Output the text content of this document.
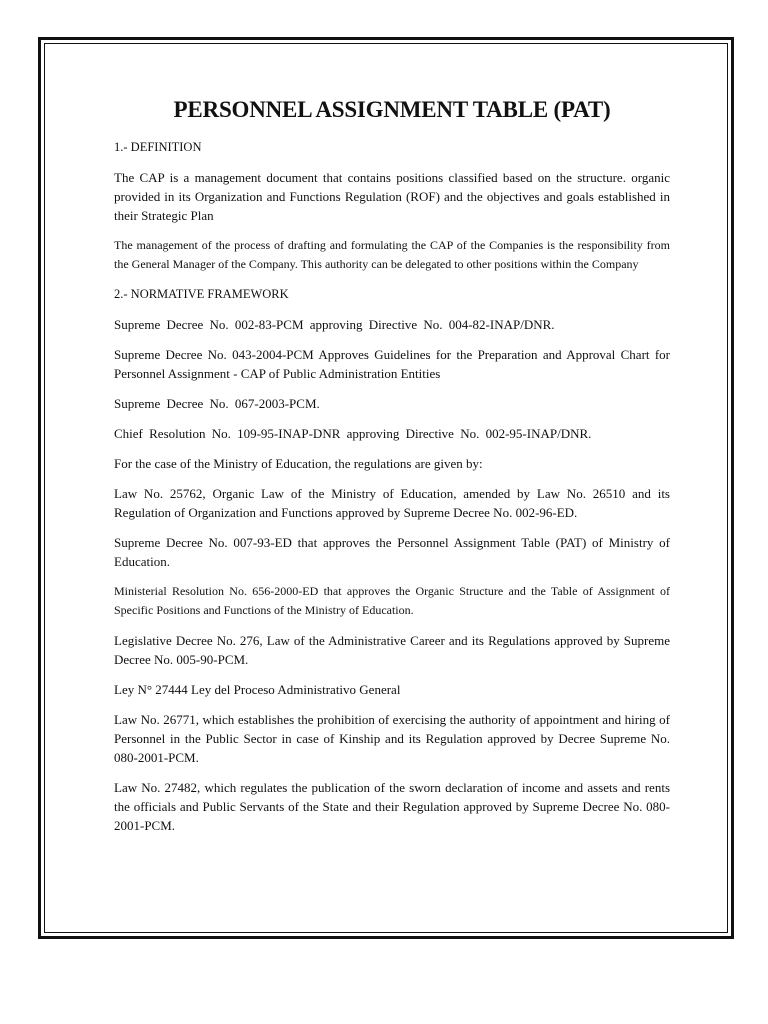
PERSONNEL ASSIGNMENT TABLE (PAT)

1.- DEFINITION

The CAP is a management document that contains positions classified based on the structure. organic provided in its Organization and Functions Regulation (ROF) and the objectives and goals established in their Strategic Plan

The management of the process of drafting and formulating the CAP of the Companies is the responsibility from the General Manager of the Company. This authority can be delegated to other positions within the Company

2.- NORMATIVE FRAMEWORK

Supreme Decree No. 002-83-PCM approving Directive No. 004-82-INAP/DNR.

Supreme Decree No. 043-2004-PCM Approves Guidelines for the Preparation and Approval Chart for Personnel Assignment - CAP of Public Administration Entities

Supreme Decree No. 067-2003-PCM.

Chief Resolution No. 109-95-INAP-DNR approving Directive No. 002-95-INAP/DNR.

For the case of the Ministry of Education, the regulations are given by:

Law No. 25762, Organic Law of the Ministry of Education, amended by Law No. 26510 and its Regulation of Organization and Functions approved by Supreme Decree No. 002-96-ED.

Supreme Decree No. 007-93-ED that approves the Personnel Assignment Table (PAT) of Ministry of Education.

Ministerial Resolution No. 656-2000-ED that approves the Organic Structure and the Table of Assignment of Specific Positions and Functions of the Ministry of Education.

Legislative Decree No. 276, Law of the Administrative Career and its Regulations approved by Supreme Decree No. 005-90-PCM.

Ley N° 27444 Ley del Proceso Administrativo General

Law No. 26771, which establishes the prohibition of exercising the authority of appointment and hiring of Personnel in the Public Sector in case of Kinship and its Regulation approved by Decree Supreme No. 080-2001-PCM.

Law No. 27482, which regulates the publication of the sworn declaration of income and assets and rents the officials and Public Servants of the State and their Regulation approved by Supreme Decree No. 080-2001-PCM.
